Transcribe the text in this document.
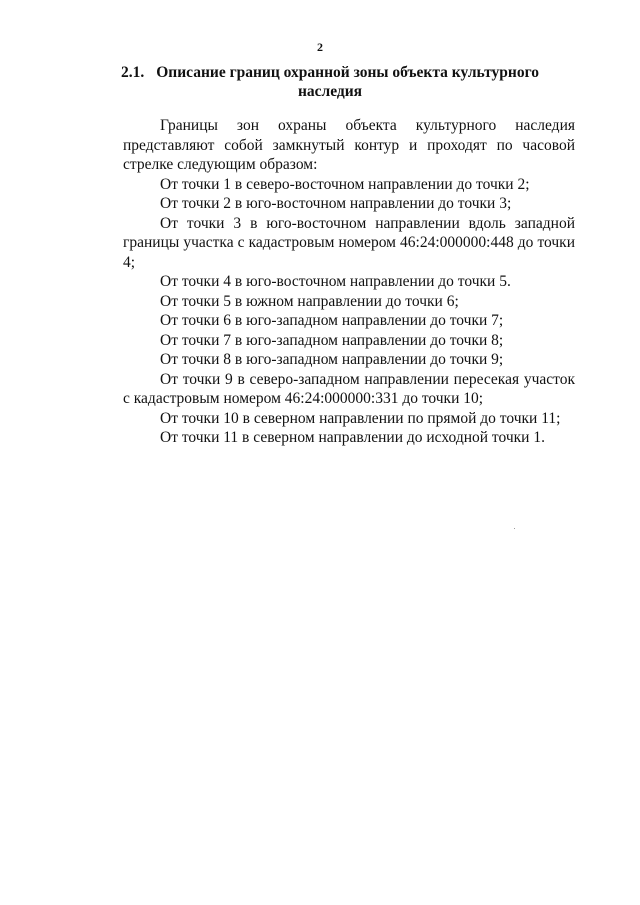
2
2.1. Описание границ охранной зоны объекта культурного наследия

Границы зон охраны объекта культурного наследия представляют собой замкнутый контур и проходят по часовой стрелке следующим образом:

От точки 1 в северо-восточном направлении до точки 2;

От точки 2 в юго-восточном направлении до точки 3;

От точки 3 в юго-восточном направлении вдоль западной границы участка с кадастровым номером 46:24:000000:448 до точки 4;

От точки 4 в юго-восточном направлении до точки 5.

От точки 5 в южном направлении до точки 6;

От точки 6 в юго-западном направлении до точки 7;

От точки 7 в юго-западном направлении до точки 8;

От точки 8 в юго-западном направлении до точки 9;

От точки 9 в северо-западном направлении пересекая участок с кадастровым номером 46:24:000000:331 до точки 10;

От точки 10 в северном направлении по прямой до точки 11;

От точки 11 в северном направлении до исходной точки 1.
